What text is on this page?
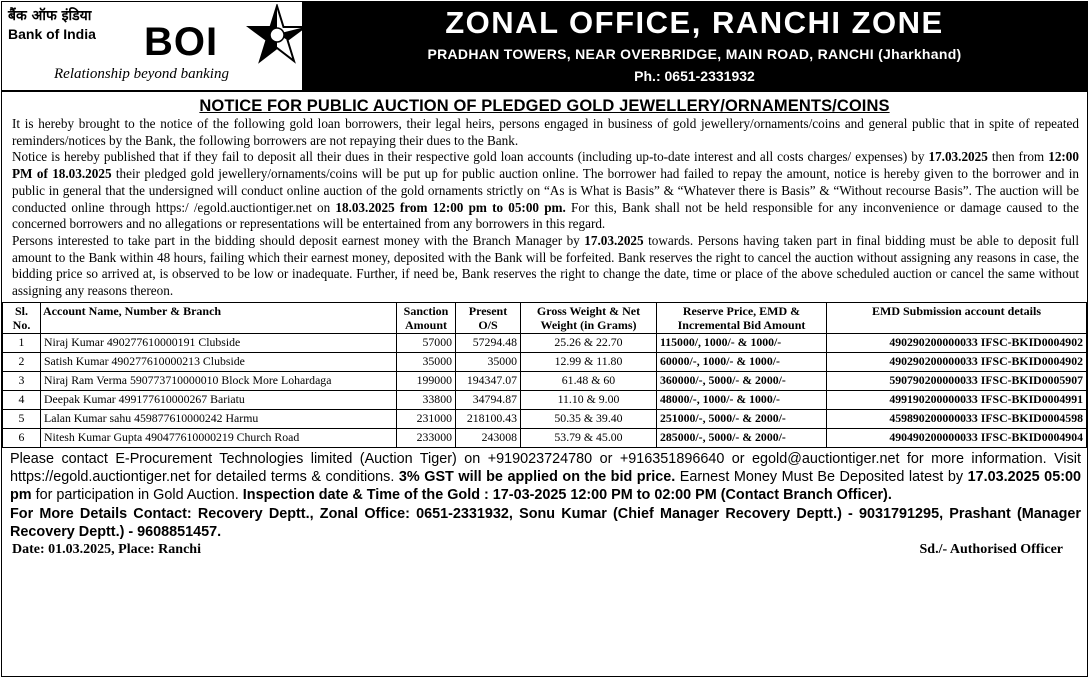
बैंक ऑफ इंडिया
Bank of India BOI
Relationship beyond banking
ZONAL OFFICE, RANCHI ZONE
PRADHAN TOWERS, NEAR OVERBRIDGE, MAIN ROAD, RANCHI (Jharkhand)
Ph.: 0651-2331932
NOTICE FOR PUBLIC AUCTION OF PLEDGED GOLD JEWELLERY/ORNAMENTS/COINS

It is hereby brought to the notice of the following gold loan borrowers, their legal heirs, persons engaged in business of gold jewellery/ornaments/coins and general public that in spite of repeated reminders/notices by the Bank, the following borrowers are not repaying their dues to the Bank.

Notice is hereby published that if they fail to deposit all their dues in their respective gold loan accounts (including up-to-date interest and all costs charges/ expenses) by 17.03.2025 then from 12:00 PM of 18.03.2025 their pledged gold jewellery/ornaments/coins will be put up for public auction online. The borrower had failed to repay the amount, notice is hereby given to the borrower and in public in general that the undersigned will conduct online auction of the gold ornaments strictly on “As is What is Basis” & “Whatever there is Basis” & “Without recourse Basis”. The auction will be conducted online through https:/ /egold.auctiontiger.net on 18.03.2025 from 12:00 pm to 05:00 pm. For this, Bank shall not be held responsible for any inconvenience or damage caused to the concerned borrowers and no allegations or representations will be entertained from any borrowers in this regard.

Persons interested to take part in the bidding should deposit earnest money with the Branch Manager by 17.03.2025 towards. Persons having taken part in final bidding must be able to deposit full amount to the Bank within 48 hours, failing which their earnest money, deposited with the Bank will be forfeited. Bank reserves the right to cancel the auction without assigning any reasons in case, the bidding price so arrived at, is observed to be low or inadequate. Further, if need be, Bank reserves the right to change the date, time or place of the above scheduled auction or cancel the same without assigning any reasons thereon.

Sl. No.	Account Name, Number & Branch	Sanction Amount	Present O/S	Gross Weight & Net Weight (in Grams)	Reserve Price, EMD & Incremental Bid Amount	EMD Submission account details
1	Niraj Kumar 490277610000191 Clubside	57000	57294.48	25.26 & 22.70	115000/, 1000/- & 1000/-	490290200000033 IFSC-BKID0004902
2	Satish Kumar 490277610000213 Clubside	35000	35000	12.99 & 11.80	60000/-, 1000/- & 1000/-	490290200000033 IFSC-BKID0004902
3	Niraj Ram Verma 590773710000010 Block More Lohardaga	199000	194347.07	61.48 & 60	360000/-, 5000/- & 2000/-	590790200000033 IFSC-BKID0005907
4	Deepak Kumar 499177610000267 Bariatu	33800	34794.87	11.10 & 9.00	48000/-, 1000/- & 1000/-	499190200000033 IFSC-BKID0004991
5	Lalan Kumar sahu 459877610000242 Harmu	231000	218100.43	50.35 & 39.40	251000/-, 5000/- & 2000/-	459890200000033 IFSC-BKID0004598
6	Nitesh Kumar Gupta 490477610000219 Church Road	233000	243008	53.79 & 45.00	285000/-, 5000/- & 2000/-	490490200000033 IFSC-BKID0004904

Please contact E-Procurement Technologies limited (Auction Tiger) on +919023724780 or +916351896640 or egold@auctiontiger.net for more information. Visit https://egold.auctiontiger.net for detailed terms & conditions. 3% GST will be applied on the bid price. Earnest Money Must Be Deposited latest by 17.03.2025 05:00 pm for participation in Gold Auction. Inspection date & Time of the Gold : 17-03-2025 12:00 PM to 02:00 PM (Contact Branch Officer).

For More Details Contact: Recovery Deptt., Zonal Office: 0651-2331932, Sonu Kumar (Chief Manager Recovery Deptt.) - 9031791295, Prashant (Manager Recovery Deptt.) - 9608851457.

Date: 01.03.2025, Place: Ranchi	Sd./- Authorised Officer
